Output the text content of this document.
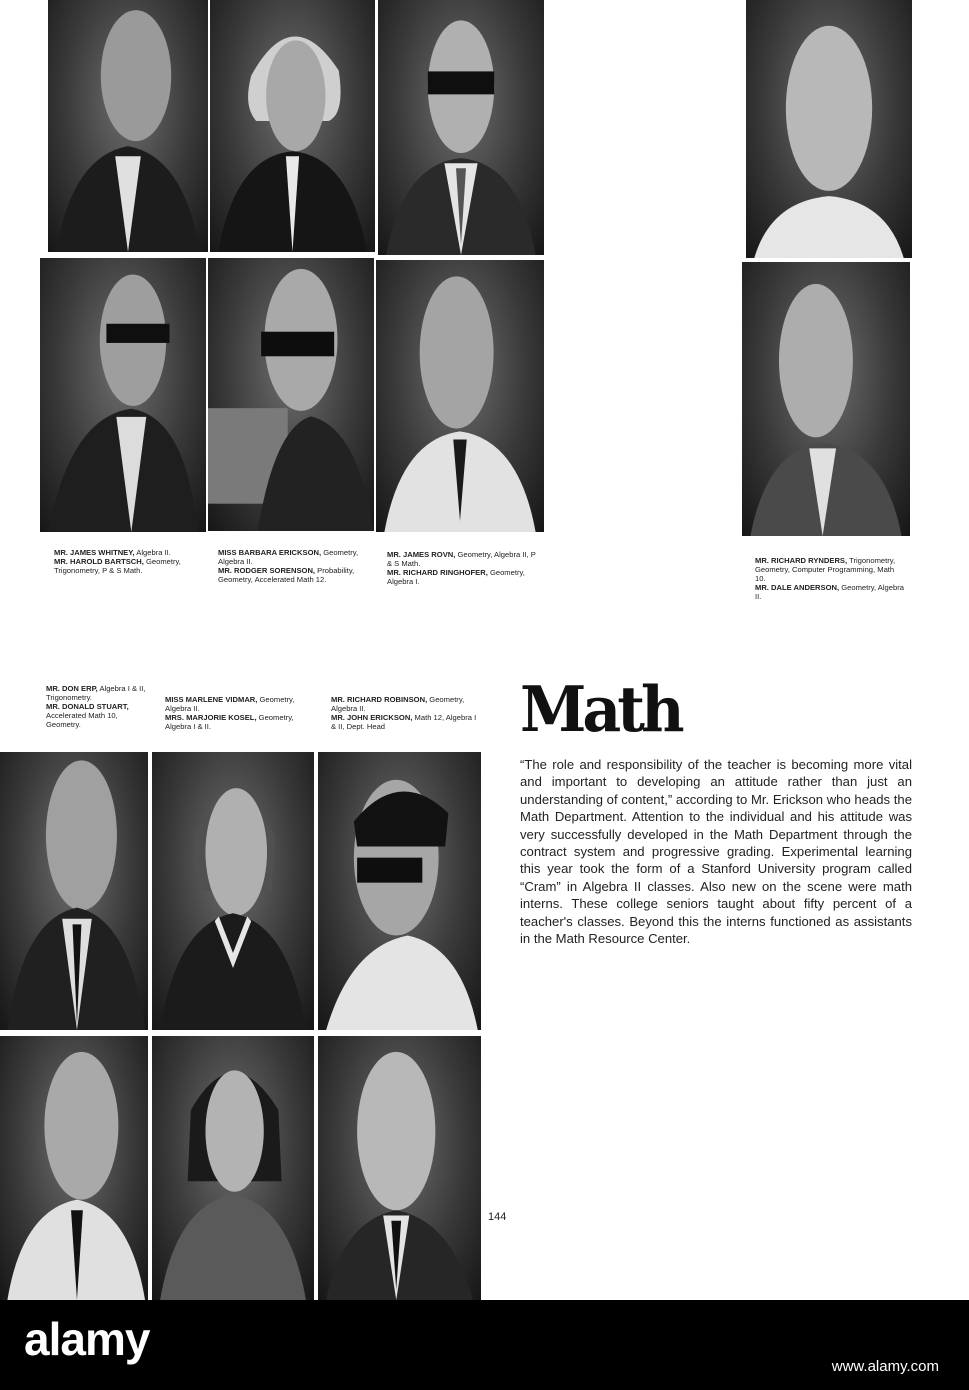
MR. JAMES WHITNEY, Algebra II.
MR. HAROLD BARTSCH, Geometry, Trigonometry, P & S Math.
MISS BARBARA ERICKSON, Geometry, Algebra II.
MR. RODGER SORENSON, Probability, Geometry, Accelerated Math 12.
MR. JAMES ROVN, Geometry, Algebra II, P & S Math.
MR. RICHARD RINGHOFER, Geometry, Algebra I.
MR. RICHARD RYNDERS, Trigonometry, Geometry, Computer Programming, Math 10.
MR. DALE ANDERSON, Geometry, Algebra II.
MR. DON ERP, Algebra I & II, Trigonometry.
MR. DONALD STUART, Accelerated Math 10, Geometry.
MISS MARLENE VIDMAR, Geometry, Algebra II.
MRS. MARJORIE KOSEL, Geometry, Algebra I & II.
MR. RICHARD ROBINSON, Geometry, Algebra II.
MR. JOHN ERICKSON, Math 12, Algebra I & II, Dept. Head	Math
“The role and responsibility of the teacher is becoming more vital and important to developing an attitude rather than just an understanding of content,” according to Mr. Erickson who heads the Math Department. Attention to the individual and his attitude was very successfully developed in the Math Department through the contract system and progressive grading. Experimental learning this year took the form of a Stanford University program called “Cram” in Algebra II classes. Also new on the scene were math interns. These college seniors taught about fifty percent of a teacher's classes. Beyond this the interns functioned as assistants in the Math Resource Center.
144
alamy
www.alamy.com
